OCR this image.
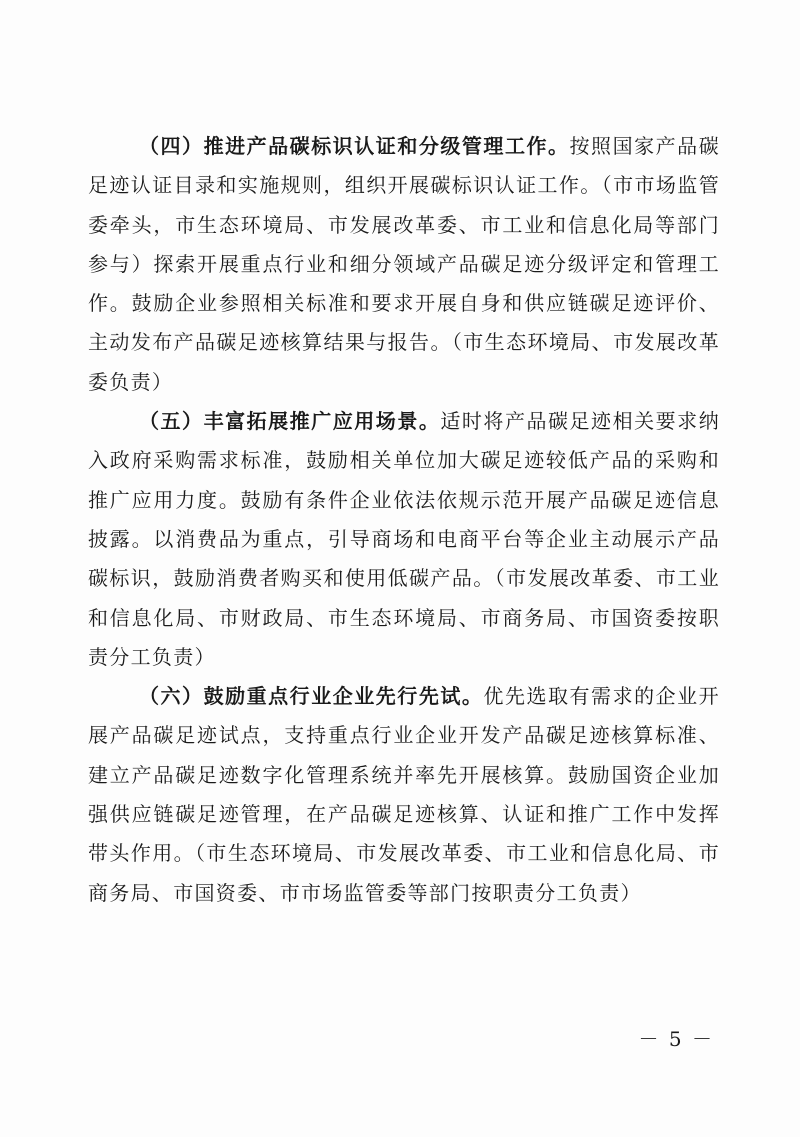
（四）推进产品碳标识认证和分级管理工作。按照国家产品碳足迹认证目录和实施规则，组织开展碳标识认证工作。（市市场监管委牵头，市生态环境局、市发展改革委、市工业和信息化局等部门参与）探索开展重点行业和细分领域产品碳足迹分级评定和管理工作。鼓励企业参照相关标准和要求开展自身和供应链碳足迹评价、主动发布产品碳足迹核算结果与报告。（市生态环境局、市发展改革委负责）

（五）丰富拓展推广应用场景。适时将产品碳足迹相关要求纳入政府采购需求标准，鼓励相关单位加大碳足迹较低产品的采购和推广应用力度。鼓励有条件企业依法依规示范开展产品碳足迹信息披露。以消费品为重点，引导商场和电商平台等企业主动展示产品碳标识，鼓励消费者购买和使用低碳产品。（市发展改革委、市工业和信息化局、市财政局、市生态环境局、市商务局、市国资委按职责分工负责）

（六）鼓励重点行业企业先行先试。优先选取有需求的企业开展产品碳足迹试点，支持重点行业企业开发产品碳足迹核算标准、建立产品碳足迹数字化管理系统并率先开展核算。鼓励国资企业加强供应链碳足迹管理，在产品碳足迹核算、认证和推广工作中发挥带头作用。（市生态环境局、市发展改革委、市工业和信息化局、市商务局、市国资委、市市场监管委等部门按职责分工负责）

－ 5 －
